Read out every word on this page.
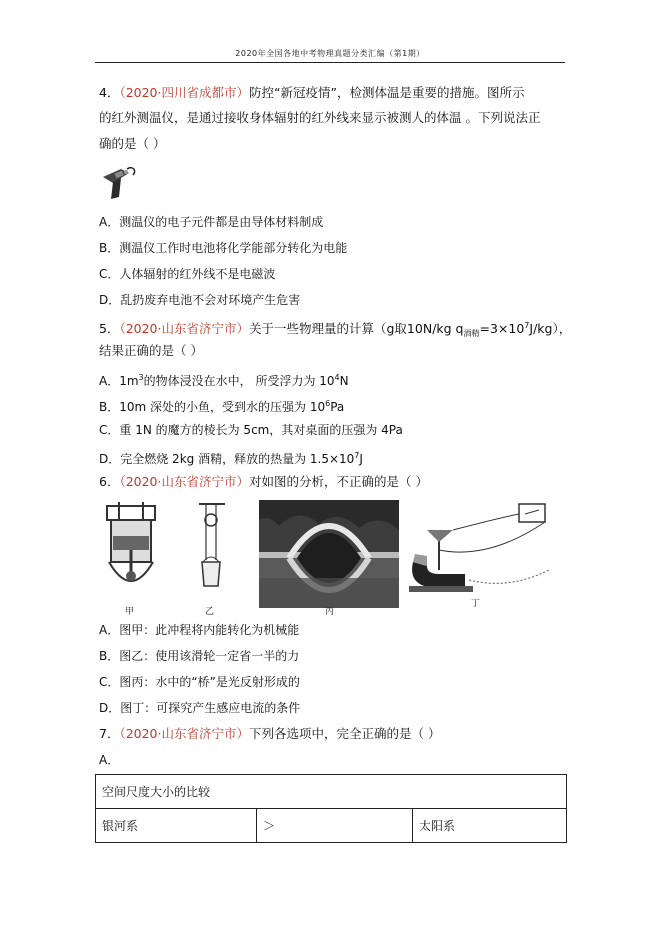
2020年全国各地中考物理真题分类汇编（第1期）
4．（2020·四川省成都市）防控“新冠疫情”，检测体温是重要的措施。图所示
的红外测温仪，是通过接收身体辐射的红外线来显示被测人的体温 。下列说法正
确的是（ ）
A．测温仪的电子元件都是由导体材料制成
B．测温仪工作时电池将化学能部分转化为电能
C．人体辐射的红外线不是电磁波
D．乱扔废弃电池不会对环境产生危害
5．（2020·山东省济宁市）关于一些物理量的计算（g取10N/kg $q_{酒精}=3\times 10^7J/kg$），
结果正确的是（ ）
A．$1m^3$的物体浸没在水中， 所受浮力为 $10^4N$
B．10m 深处的小鱼，受到水的压强为 $10^6Pa$
C．重 1N 的魔方的棱长为 5cm，其对桌面的压强为 4Pa
D．完全燃烧 2kg 酒精，释放的热量为 $1.5\times 10^7J$
6．（2020·山东省济宁市）对如图的分析，不正确的是（ ）
甲	乙	丙
丁
A．图甲：此冲程将内能转化为机械能
B．图乙：使用该滑轮一定省一半的力
C．图丙：水中的“桥”是光反射形成的
D．图丁：可探究产生感应电流的条件
7．（2020·山东省济宁市）下列各选项中，完全正确的是（ ）
A．
空间尺度大小的比较
银河系	＞	太阳系
